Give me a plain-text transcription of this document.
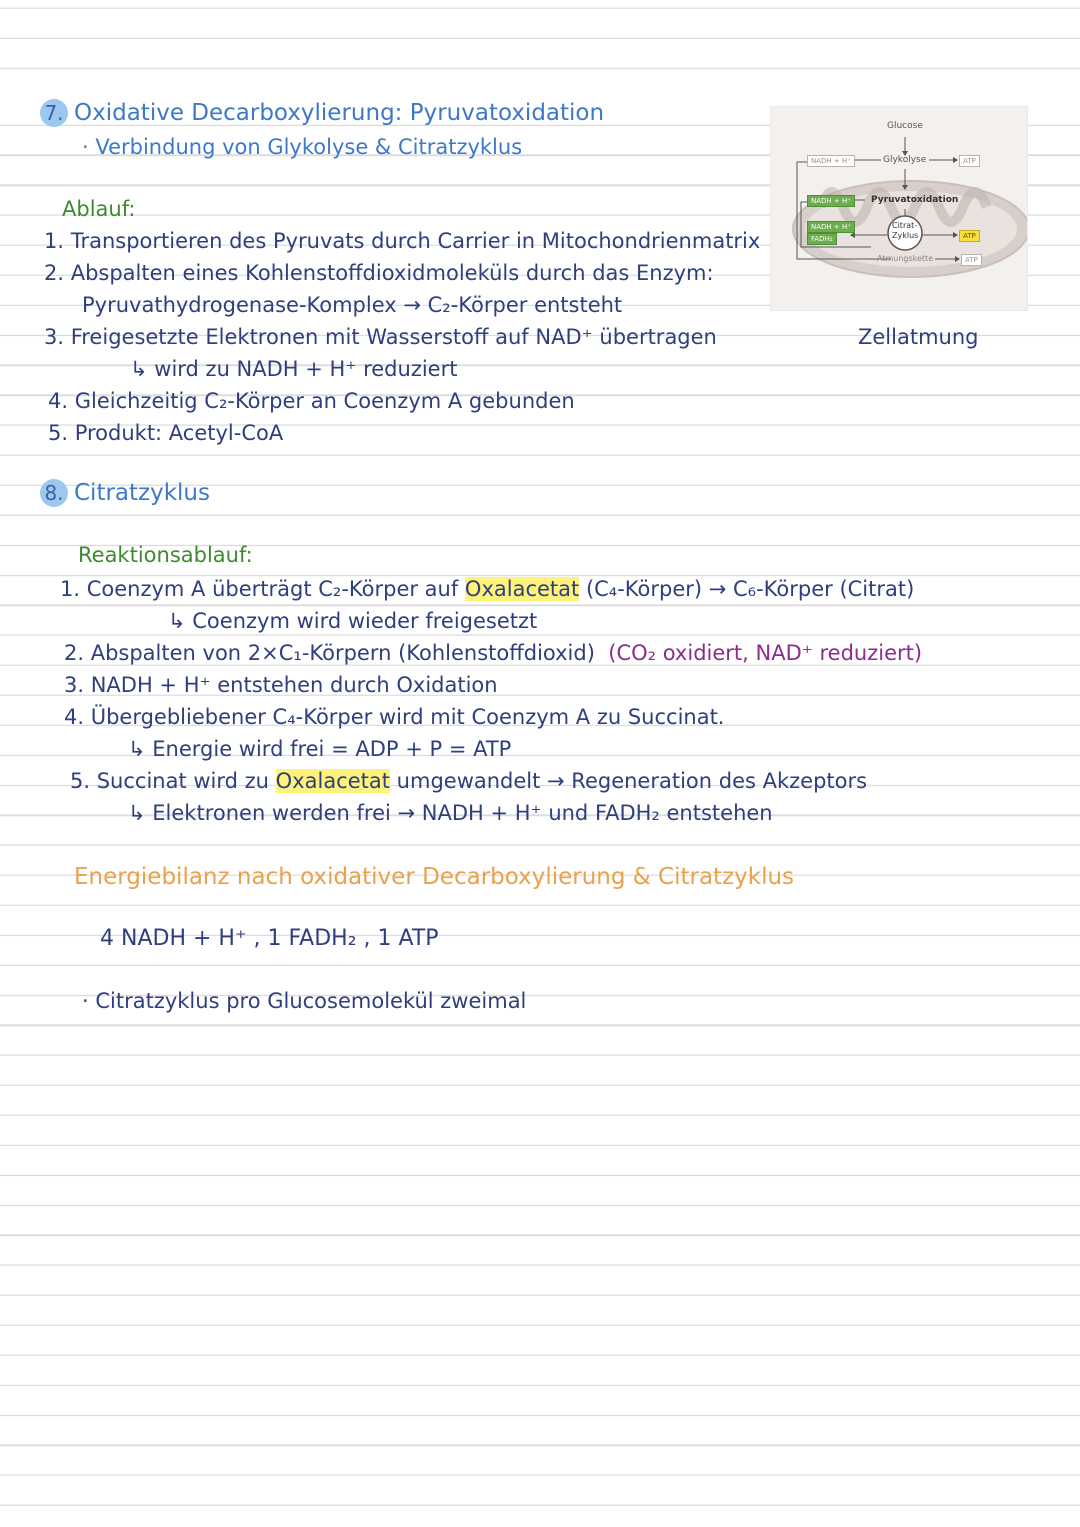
7. Oxidative Decarboxylierung: Pyruvatoxidation
· Verbindung von Glykolyse & Citratzyklus
Ablauf:
1. Transportieren des Pyruvats durch Carrier in Mitochondrienmatrix
2. Abspalten eines Kohlenstoffdioxidmoleküls durch das Enzym:
Pyruvathydrogenase-Komplex → C₂-Körper entsteht
3. Freigesetzte Elektronen mit Wasserstoff auf NAD⁺ übertragen
↳ wird zu NADH + H⁺ reduziert
4. Gleichzeitig C₂-Körper an Coenzym A gebunden
5. Produkt: Acetyl-CoA
Glucose
Glykolyse
Pyruvatoxidation
Citrat-
Zyklus
Atmungskette
NADH + H⁺
NADH + H⁺
NADH + H⁺
FADH₂
ATP
ATP
ATP
Zellatmung
8. Citratzyklus
Reaktionsablauf:
1. Coenzym A überträgt C₂-Körper auf Oxalacetat (C₄-Körper) → C₆-Körper (Citrat)
↳ Coenzym wird wieder freigesetzt
2. Abspalten von 2×C₁-Körpern (Kohlenstoffdioxid) (CO₂ oxidiert, NAD⁺ reduziert)
3. NADH + H⁺ entstehen durch Oxidation
4. Übergebliebener C₄-Körper wird mit Coenzym A zu Succinat.
↳ Energie wird frei = ADP + P = ATP
5. Succinat wird zu Oxalacetat umgewandelt → Regeneration des Akzeptors
↳ Elektronen werden frei → NADH + H⁺ und FADH₂ entstehen
Energiebilanz nach oxidativer Decarboxylierung & Citratzyklus
4 NADH + H⁺ , 1 FADH₂ , 1 ATP
· Citratzyklus pro Glucosemolekül zweimal
